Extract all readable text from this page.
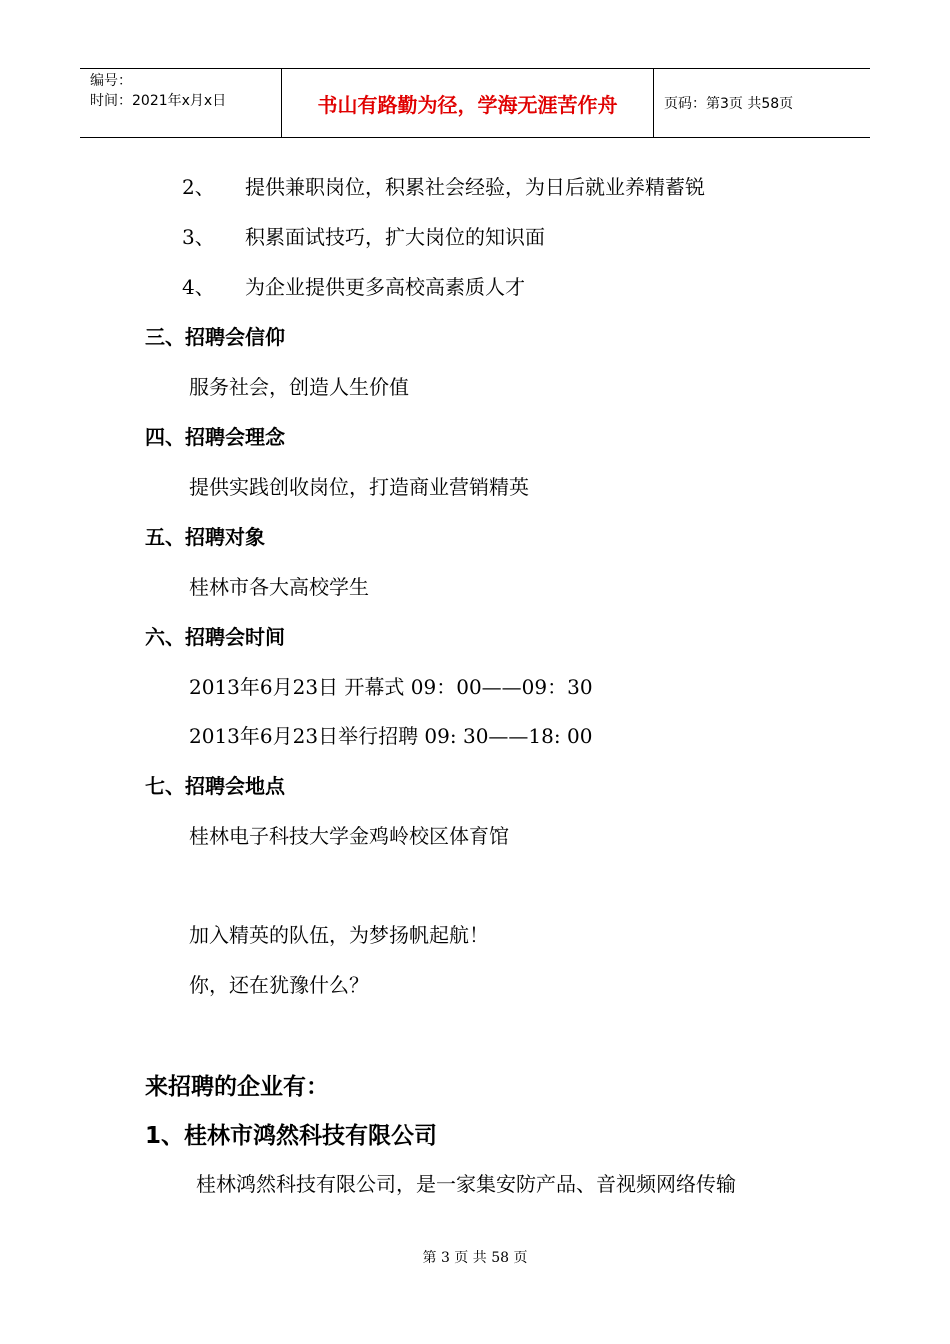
编号：
时间：2021年x月x日	书山有路勤为径，学海无涯苦作舟	页码：第3页 共58页
2、 提供兼职岗位，积累社会经验，为日后就业养精蓄锐
3、 积累面试技巧，扩大岗位的知识面
4、 为企业提供更多高校高素质人才
三、招聘会信仰
服务社会，创造人生价值
四、招聘会理念
提供实践创收岗位，打造商业营销精英
五、招聘对象
桂林市各大高校学生
六、招聘会时间
2013年6月23日 开幕式 09：00——09：30
2013年6月23日举行招聘 09: 30——18: 00
七、招聘会地点
桂林电子科技大学金鸡岭校区体育馆
加入精英的队伍，为梦扬帆起航！
你，还在犹豫什么？
来招聘的企业有：
1、桂林市鸿然科技有限公司
桂林鸿然科技有限公司，是一家集安防产品、音视频网络传输
第 3 页 共 58 页
